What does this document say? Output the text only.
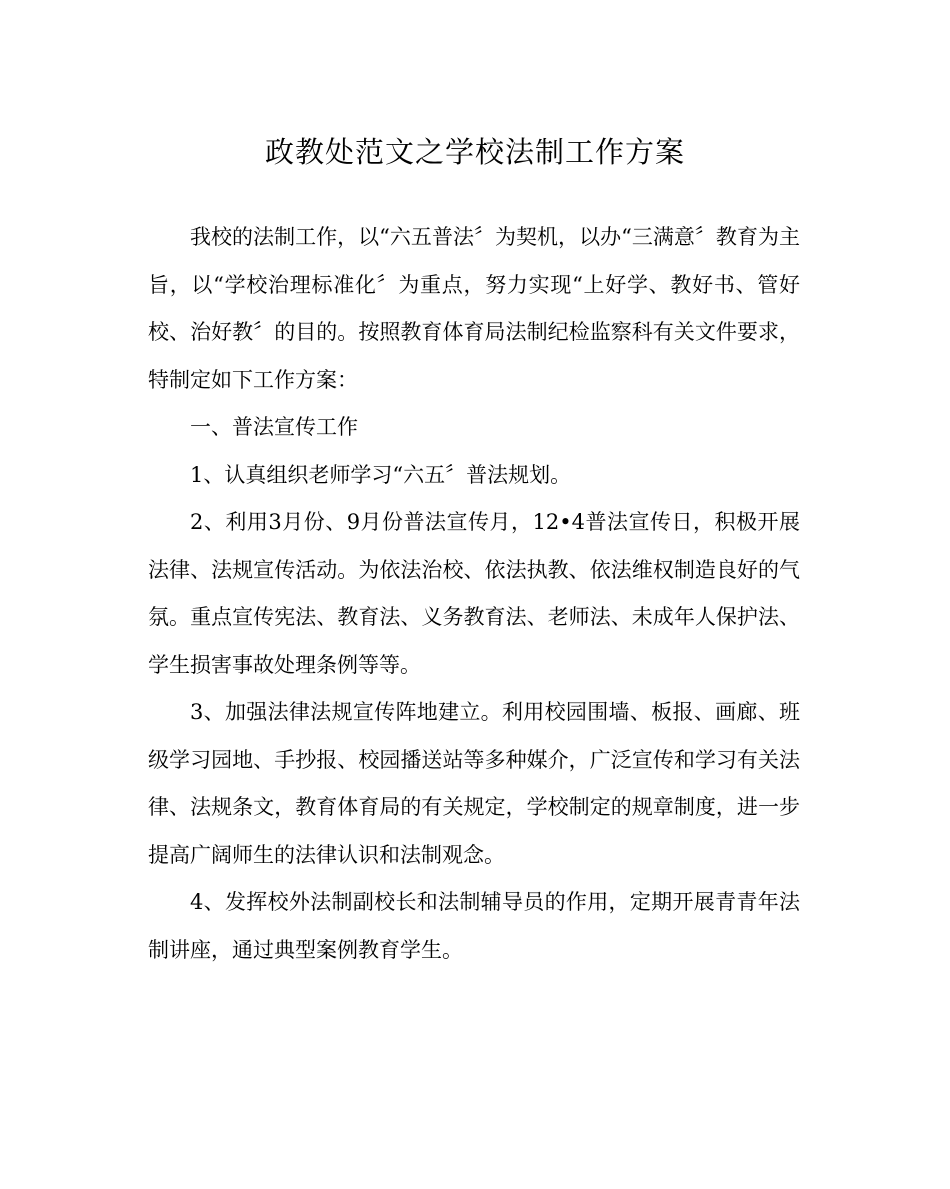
政教处范文之学校法制工作方案

我校的法制工作，以“六五普法〞为契机，以办“三满意〞教育为主旨，以“学校治理标准化〞为重点，努力实现“上好学、教好书、管好校、治好教〞的目的。按照教育体育局法制纪检监察科有关文件要求，特制定如下工作方案：

一、普法宣传工作

1、认真组织老师学习“六五〞普法规划。

2、利用3月份、9月份普法宣传月，12•4普法宣传日，积极开展法律、法规宣传活动。为依法治校、依法执教、依法维权制造良好的气氛。重点宣传宪法、教育法、义务教育法、老师法、未成年人保护法、学生损害事故处理条例等等。

3、加强法律法规宣传阵地建立。利用校园围墙、板报、画廊、班级学习园地、手抄报、校园播送站等多种媒介，广泛宣传和学习有关法律、法规条文，教育体育局的有关规定，学校制定的规章制度，进一步提高广阔师生的法律认识和法制观念。

4、发挥校外法制副校长和法制辅导员的作用，定期开展青青年法制讲座，通过典型案例教育学生。
